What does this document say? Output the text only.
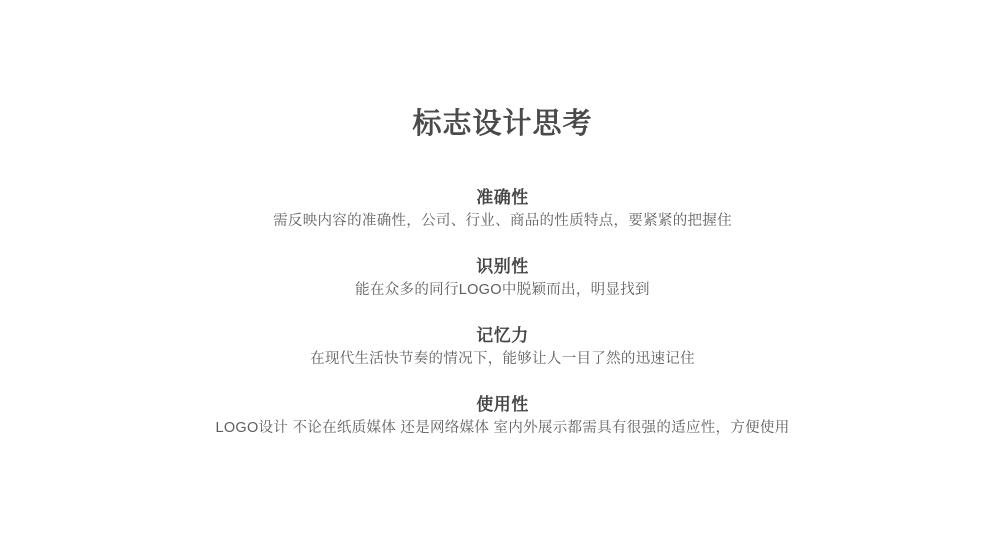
标志设计思考
准确性

需反映内容的准确性，公司、行业、商品的性质特点，要紧紧的把握住

识别性

能在众多的同行LOGO中脱颖而出，明显找到

记忆力

在现代生活快节奏的情况下，能够让人一目了然的迅速记住

使用性

LOGO设计 不论在纸质媒体 还是网络媒体 室内外展示都需具有很强的适应性，方便使用
